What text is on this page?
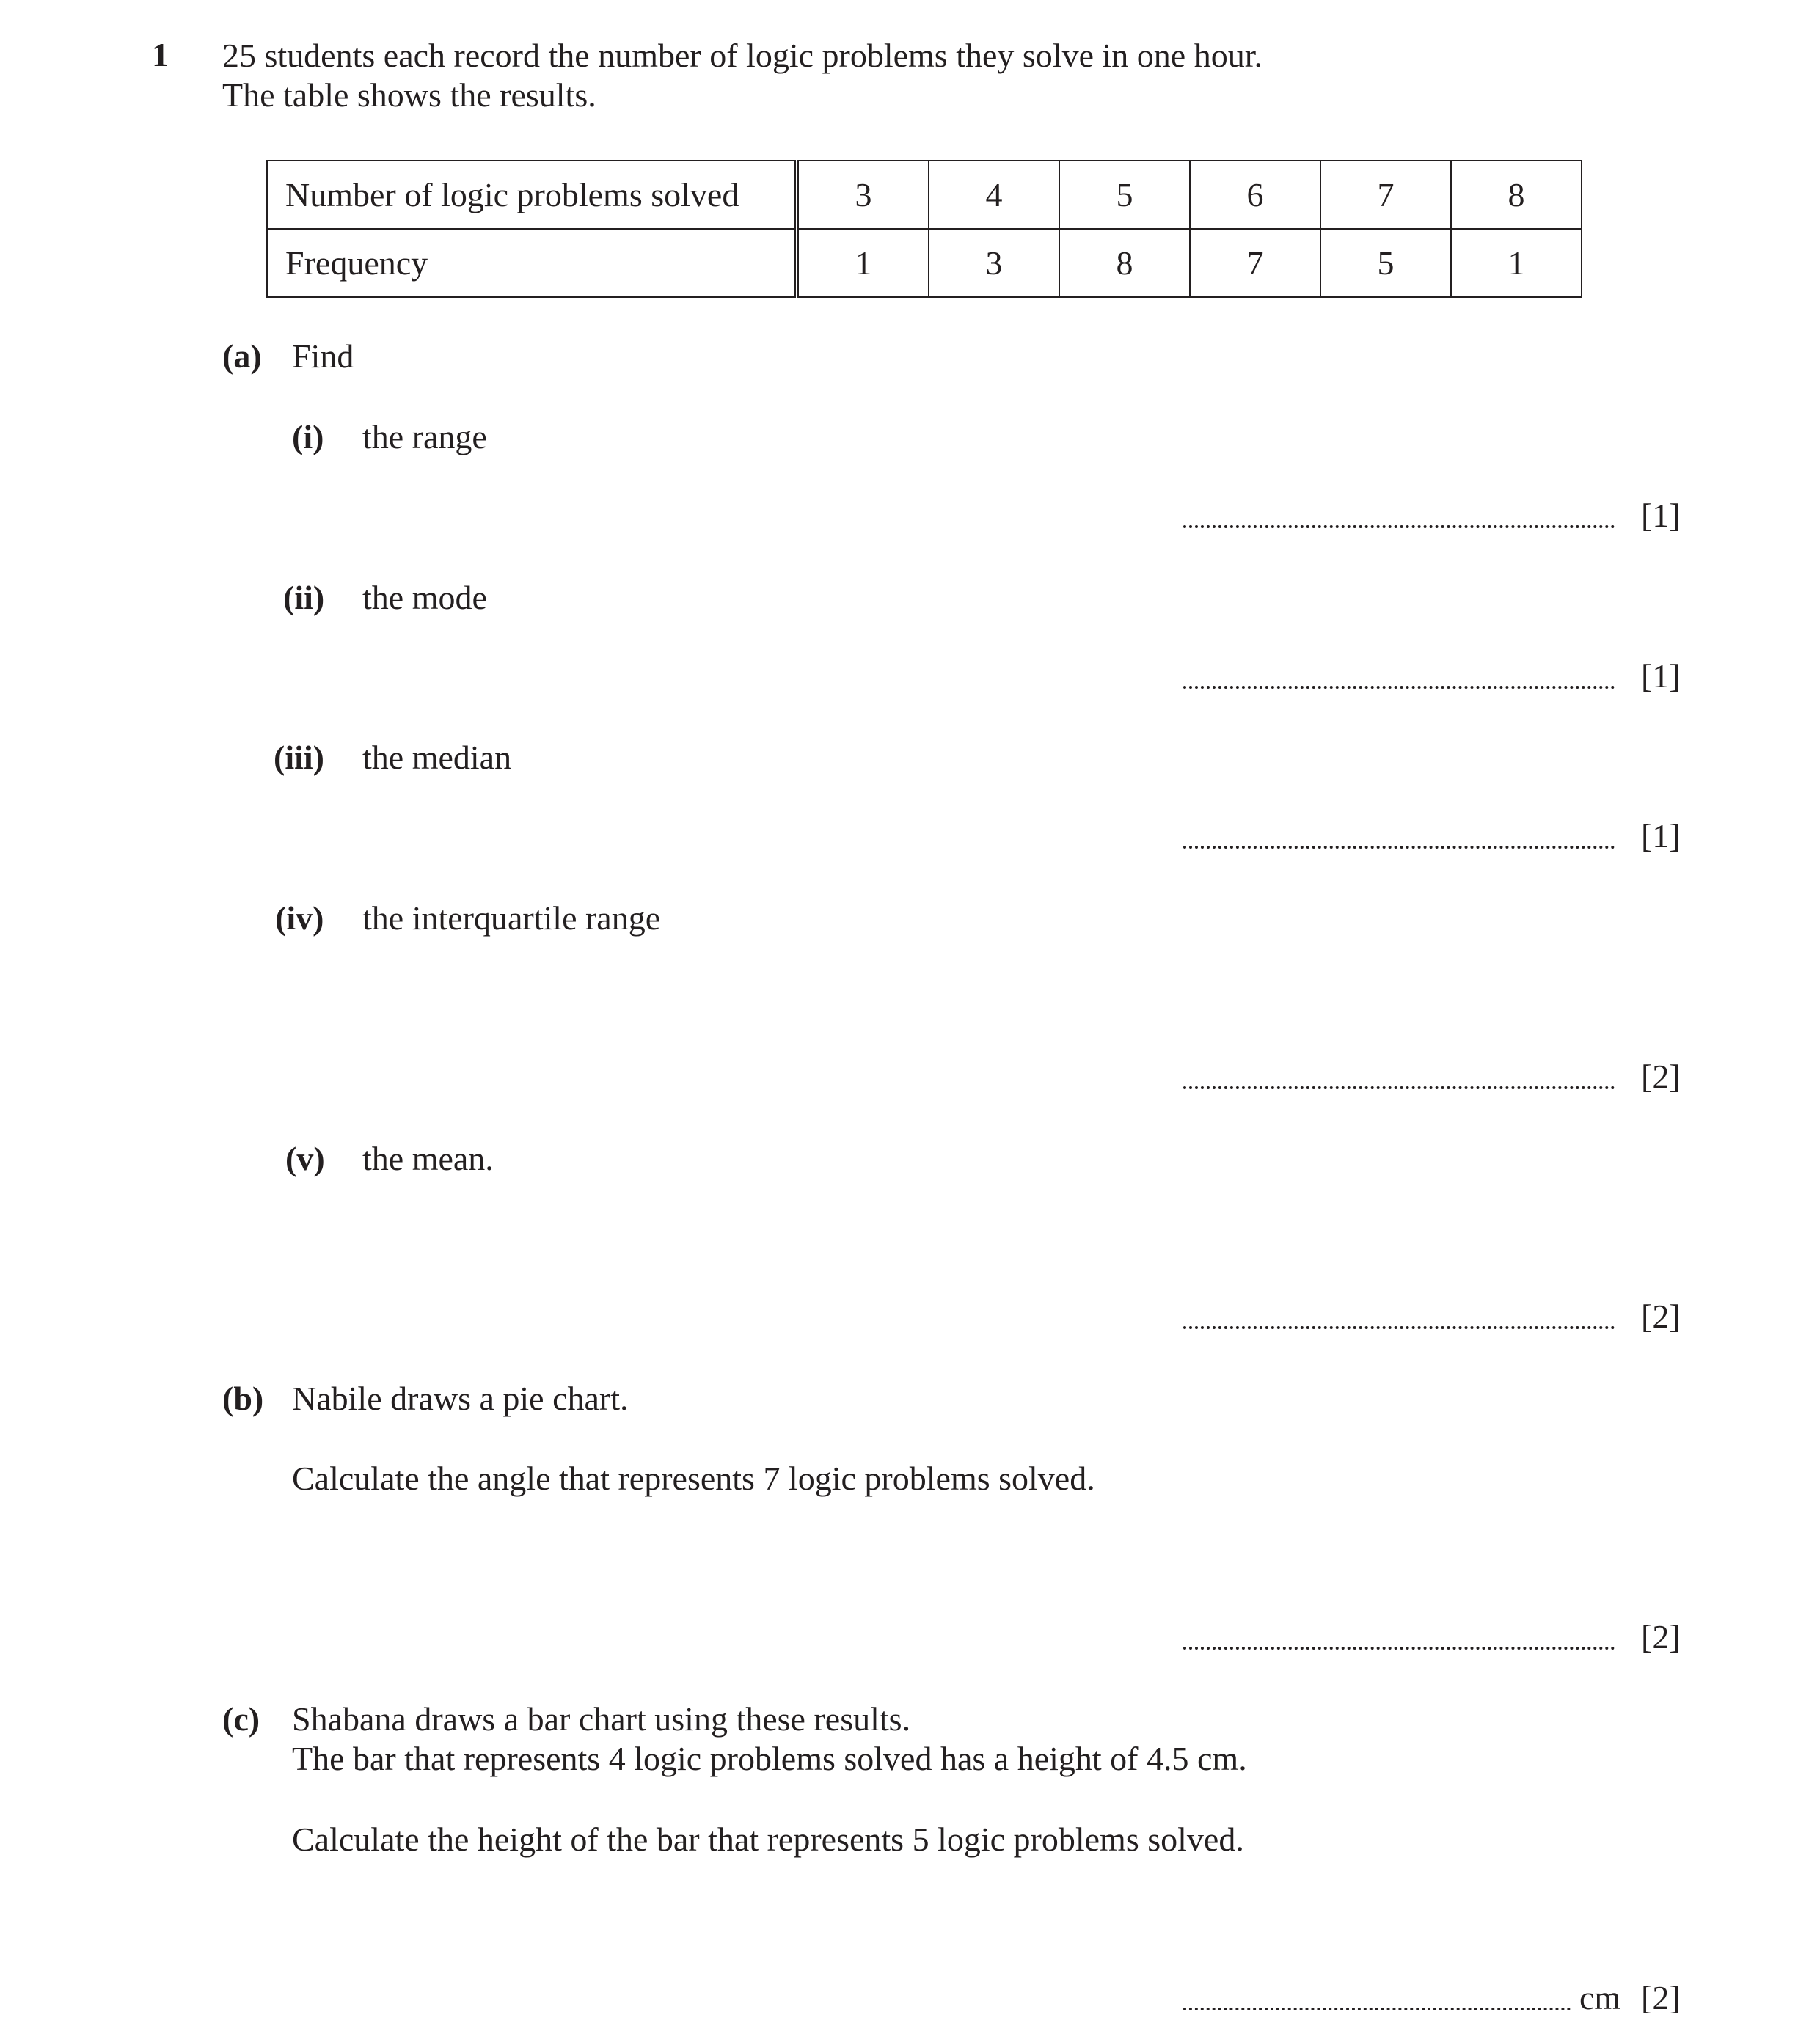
1 25 students each record the number of logic problems they solve in one hour.
The table shows the results.
Number of logic problems solved	3	4	5	6	7	8
Frequency	1	3	8	7	5	1
(a) Find
(i) the range
[1]
(ii) the mode
[1]
(iii) the median
[1]
(iv) the interquartile range
[2]
(v) the mean.
[2]
(b) Nabile draws a pie chart.
Calculate the angle that represents 7 logic problems solved.
[2]
(c) Shabana draws a bar chart using these results.
The bar that represents 4 logic problems solved has a height of 4.5 cm.
Calculate the height of the bar that represents 5 logic problems solved.
cm [2]
